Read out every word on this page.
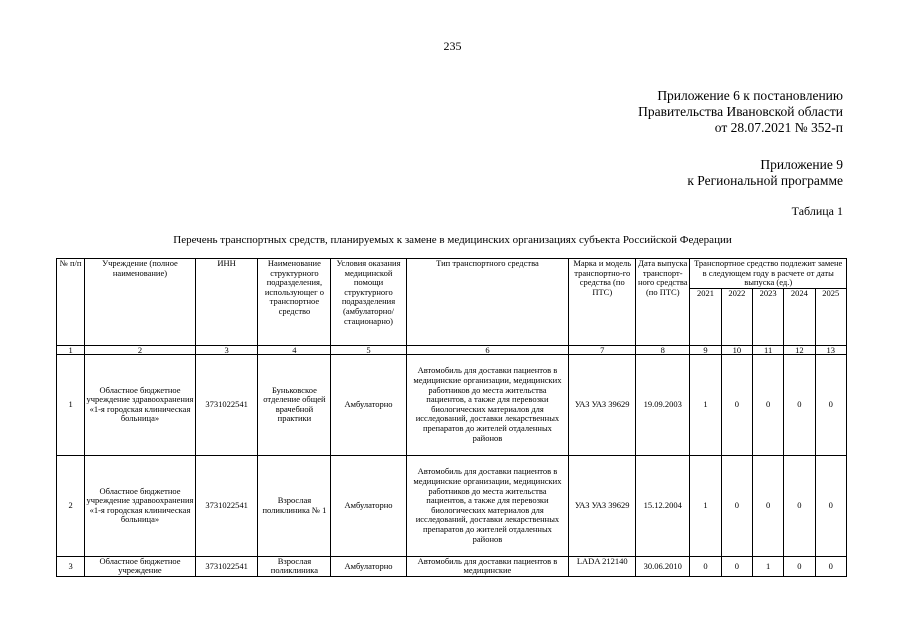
235
Приложение 6 к постановлению
Правительства Ивановской области
от 28.07.2021 № 352-п
Приложение 9
к Региональной программе
Таблица 1
Перечень транспортных средств, планируемых к замене в медицинских организациях субъекта Российской Федерации
№ п/п	Учреждение (полное наименование)	ИНН	Наименование структурного подразделения, использующег о транспортное средство	Условия оказания медицинской помощи структурного подразделения (амбулаторно/ стационарно)	Тип транспортного средства	Марка и модель транспортно-го средства (по ПТС)	Дата выпуска транспорт-ного средства (по ПТС)	Транспортное средство подлежит замене в следующем году в расчете от даты выпуска (ед.)				
								2021	2022	2023	2024	2025
1	2	3	4	5	6	7	8	9	10	11	12	13
1	Областное бюджетное учреждение здравоохранения «1-я городская клиническая больница»	3731022541	Буньковское отделение общей врачебной практики	Амбулаторно	Автомобиль для доставки пациентов в медицинские организации, медицинских работников до места жительства пациентов, а также для перевозки биологических материалов для исследований, доставки лекарственных препаратов до жителей отдаленных районов	УАЗ УАЗ 39629	19.09.2003	1	0	0	0	0
2	Областное бюджетное учреждение здравоохранения «1-я городская клиническая больница»	3731022541	Взрослая поликлиника № 1	Амбулаторно	Автомобиль для доставки пациентов в медицинские организации, медицинских работников до места жительства пациентов, а также для перевозки биологических материалов для исследований, доставки лекарственных препаратов до жителей отдаленных районов	УАЗ УАЗ 39629	15.12.2004	1	0	0	0	0
3	Областное бюджетное учреждение	3731022541	Взрослая поликлиника	Амбулаторно	Автомобиль для доставки пациентов в медицинские	LADA 212140	30.06.2010	0	0	1	0	0
